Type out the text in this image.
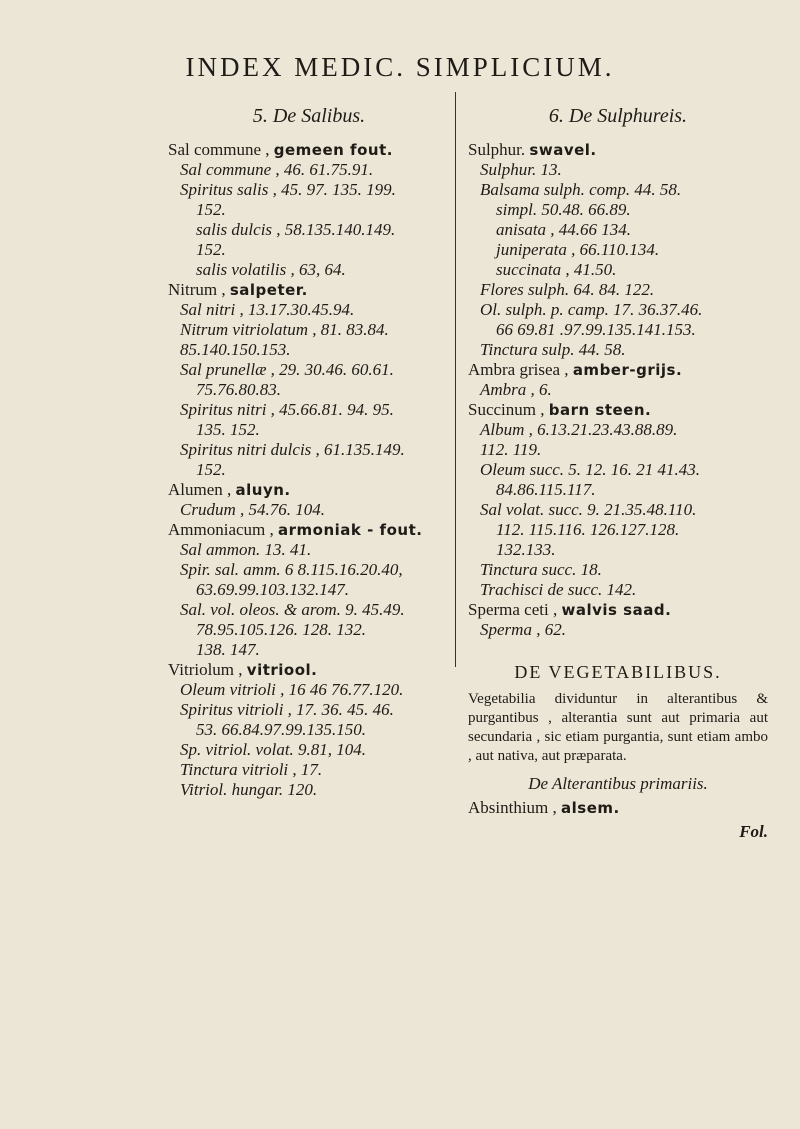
INDEX MEDIC. SIMPLICIUM.
5. De Salibus.
Sal commune , gemeen fout.
Sal commune , 46. 61.75.91.
Spiritus salis , 45. 97. 135. 199.
152.
salis dulcis , 58.135.140.149.
152.
salis volatilis , 63, 64.
Nitrum , salpeter.
Sal nitri , 13.17.30.45.94.
Nitrum vitriolatum , 81. 83.84.
85.140.150.153.
Sal prunellæ , 29. 30.46. 60.61.
75.76.80.83.
Spiritus nitri , 45.66.81. 94. 95.
135. 152.
Spiritus nitri dulcis , 61.135.149.
152.
Alumen , aluyn.
Crudum , 54.76. 104.
Ammoniacum , armoniak - fout.
Sal ammon. 13. 41.
Spir. sal. amm. 6 8.115.16.20.40,
63.69.99.103.132.147.
Sal. vol. oleos. & arom. 9. 45.49.
78.95.105.126. 128. 132.
138. 147.
Vitriolum , vitriool.
Oleum vitrioli , 16 46 76.77.120.
Spiritus vitrioli , 17. 36. 45. 46.
53. 66.84.97.99.135.150.
Sp. vitriol. volat. 9.81, 104.
Tinctura vitrioli , 17.
Vitriol. hungar. 120.
6. De Sulphureis.
Sulphur. swavel.
Sulphur. 13.
Balsama sulph. comp. 44. 58.
simpl. 50.48. 66.89.
anisata , 44.66 134.
juniperata , 66.110.134.
succinata , 41.50.
Flores sulph. 64. 84. 122.
Ol. sulph. p. camp. 17. 36.37.46.
66 69.81 .97.99.135.141.153.
Tinctura sulp. 44. 58.
Ambra grisea , amber-grijs.
Ambra , 6.
Succinum , barn steen.
Album , 6.13.21.23.43.88.89.
112. 119.
Oleum succ. 5. 12. 16. 21 41.43.
84.86.115.117.
Sal volat. succ. 9. 21.35.48.110.
112. 115.116. 126.127.128.
132.133.
Tinctura succ. 18.
Trachisci de succ. 142.
Sperma ceti , walvis saad.
Sperma , 62.
DE VEGETABILIBUS.

Vegetabilia dividuntur in alterantibus & purgantibus , alterantia sunt aut primaria aut secundaria , sic etiam purgantia, sunt etiam ambo , aut nativa, aut præparata.

De Alterantibus primariis.
Absinthium , alsem.
Fol.
